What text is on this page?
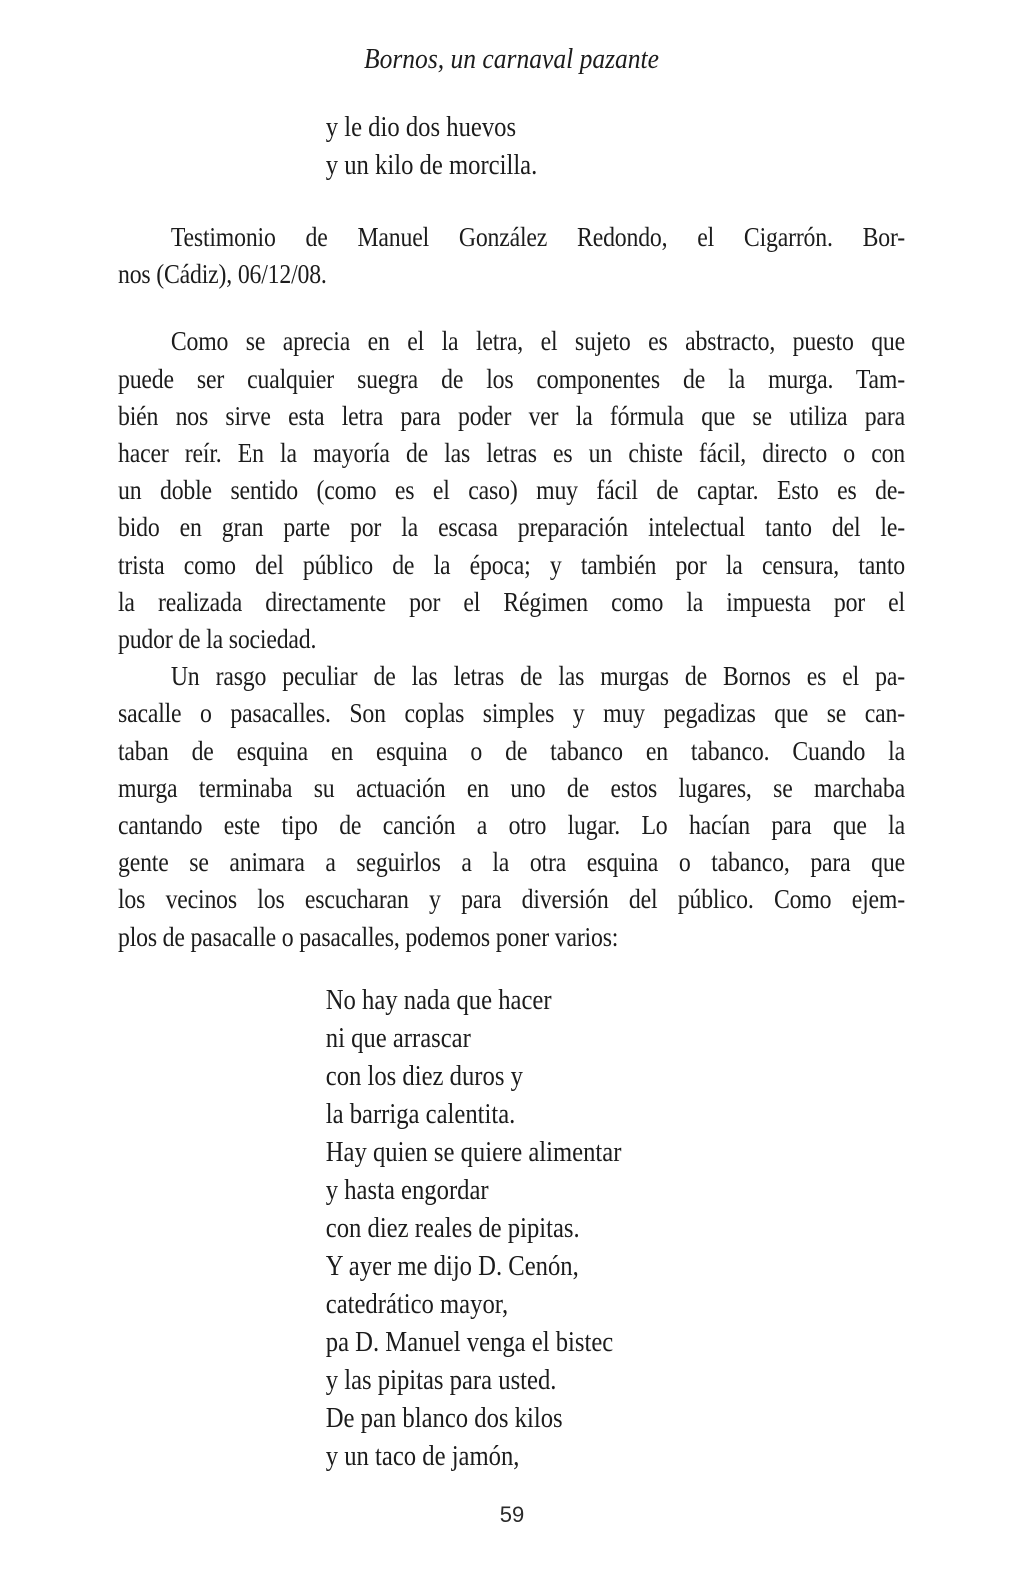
Bornos, un carnaval pazante
y le dio dos huevos
y un kilo de morcilla.
Testimonio de Manuel González Redondo, el Cigarrón. Bor-
nos (Cádiz), 06/12/08.
Como se aprecia en el la letra, el sujeto es abstracto, puesto que
puede ser cualquier suegra de los componentes de la murga. Tam-
bién nos sirve esta letra para poder ver la fórmula que se utiliza para
hacer reír. En la mayoría de las letras es un chiste fácil, directo o con
un doble sentido (como es el caso) muy fácil de captar. Esto es de-
bido en gran parte por la escasa preparación intelectual tanto del le-
trista como del público de la época; y también por la censura, tanto
la realizada directamente por el Régimen como la impuesta por el
pudor de la sociedad.
Un rasgo peculiar de las letras de las murgas de Bornos es el pa-
sacalle o pasacalles. Son coplas simples y muy pegadizas que se can-
taban de esquina en esquina o de tabanco en tabanco. Cuando la
murga terminaba su actuación en uno de estos lugares, se marchaba
cantando este tipo de canción a otro lugar. Lo hacían para que la
gente se animara a seguirlos a la otra esquina o tabanco, para que
los vecinos los escucharan y para diversión del público. Como ejem-
plos de pasacalle o pasacalles, podemos poner varios:
No hay nada que hacer
ni que arrascar
con los diez duros y
la barriga calentita.
Hay quien se quiere alimentar
y hasta engordar
con diez reales de pipitas.
Y ayer me dijo D. Cenón,
catedrático mayor,
pa D. Manuel venga el bistec
y las pipitas para usted.
De pan blanco dos kilos
y un taco de jamón,
59
